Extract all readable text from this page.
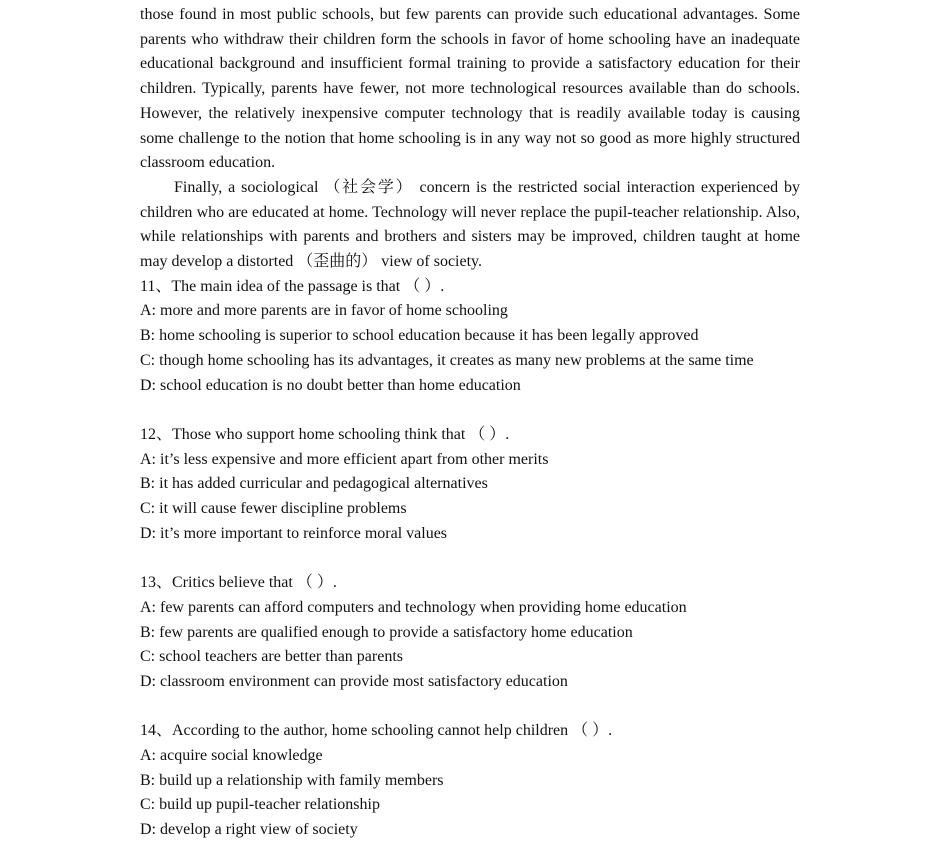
those found in most public schools, but few parents can provide such educational advantages. Some parents who withdraw their children form the schools in favor of home schooling have an inadequate educational background and insufficient formal training to provide a satisfactory education for their children. Typically, parents have fewer, not more technological resources available than do schools. However, the relatively inexpensive computer technology that is readily available today is causing some challenge to the notion that home schooling is in any way not so good as more highly structured classroom education.

Finally, a sociological （社会学） concern is the restricted social interaction experienced by children who are educated at home. Technology will never replace the pupil-teacher relationship. Also, while relationships with parents and brothers and sisters may be improved, children taught at home may develop a distorted （歪曲的） view of society.

11、The main idea of the passage is that （ ）.
A: more and more parents are in favor of home schooling
B: home schooling is superior to school education because it has been legally approved
C: though home schooling has its advantages, it creates as many new problems at the same time
D: school education is no doubt better than home education
12、Those who support home schooling think that （ ）.
A: it’s less expensive and more efficient apart from other merits
B: it has added curricular and pedagogical alternatives
C: it will cause fewer discipline problems
D: it’s more important to reinforce moral values
13、Critics believe that （ ）.
A: few parents can afford computers and technology when providing home education
B: few parents are qualified enough to provide a satisfactory home education
C: school teachers are better than parents
D: classroom environment can provide most satisfactory education
14、According to the author, home schooling cannot help children （ ）.
A: acquire social knowledge
B: build up a relationship with family members
C: build up pupil-teacher relationship
D: develop a right view of society
